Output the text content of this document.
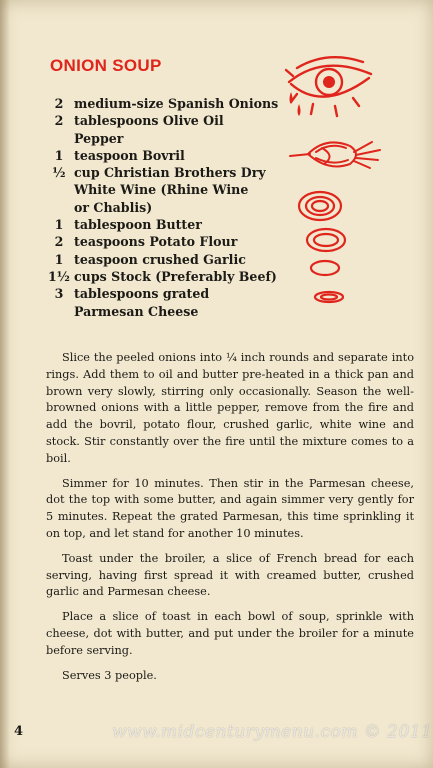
ONION SOUP
2 medium-size Spanish Onions
2 tablespoons Olive Oil
Pepper
1 teaspoon Bovril
½ cup Christian Brothers Dry
White Wine (Rhine Wine
or Chablis)
1 tablespoon Butter
2 teaspoons Potato Flour
1 teaspoon crushed Garlic
1½ cups Stock (Preferably Beef)
3 tablespoons grated
Parmesan Cheese

Slice the peeled onions into ¼ inch rounds and separate into rings. Add them to oil and butter pre-heated in a thick pan and brown very slowly, stirring only occasionally. Season the well-browned onions with a little pepper, remove from the fire and add the bovril, potato flour, crushed garlic, white wine and stock. Stir constantly over the fire until the mixture comes to a boil.

Simmer for 10 minutes. Then stir in the Parmesan cheese, dot the top with some butter, and again simmer very gently for 5 minutes. Repeat the grated Parmesan, this time sprinkling it on top, and let stand for another 10 minutes.

Toast under the broiler, a slice of French bread for each serving, having first spread it with creamed butter, crushed garlic and Parmesan cheese.

Place a slice of toast in each bowl of soup, sprinkle with cheese, dot with butter, and put under the broiler for a minute before serving.

Serves 3 people.

4	www.midcenturymenu.com © 2011
